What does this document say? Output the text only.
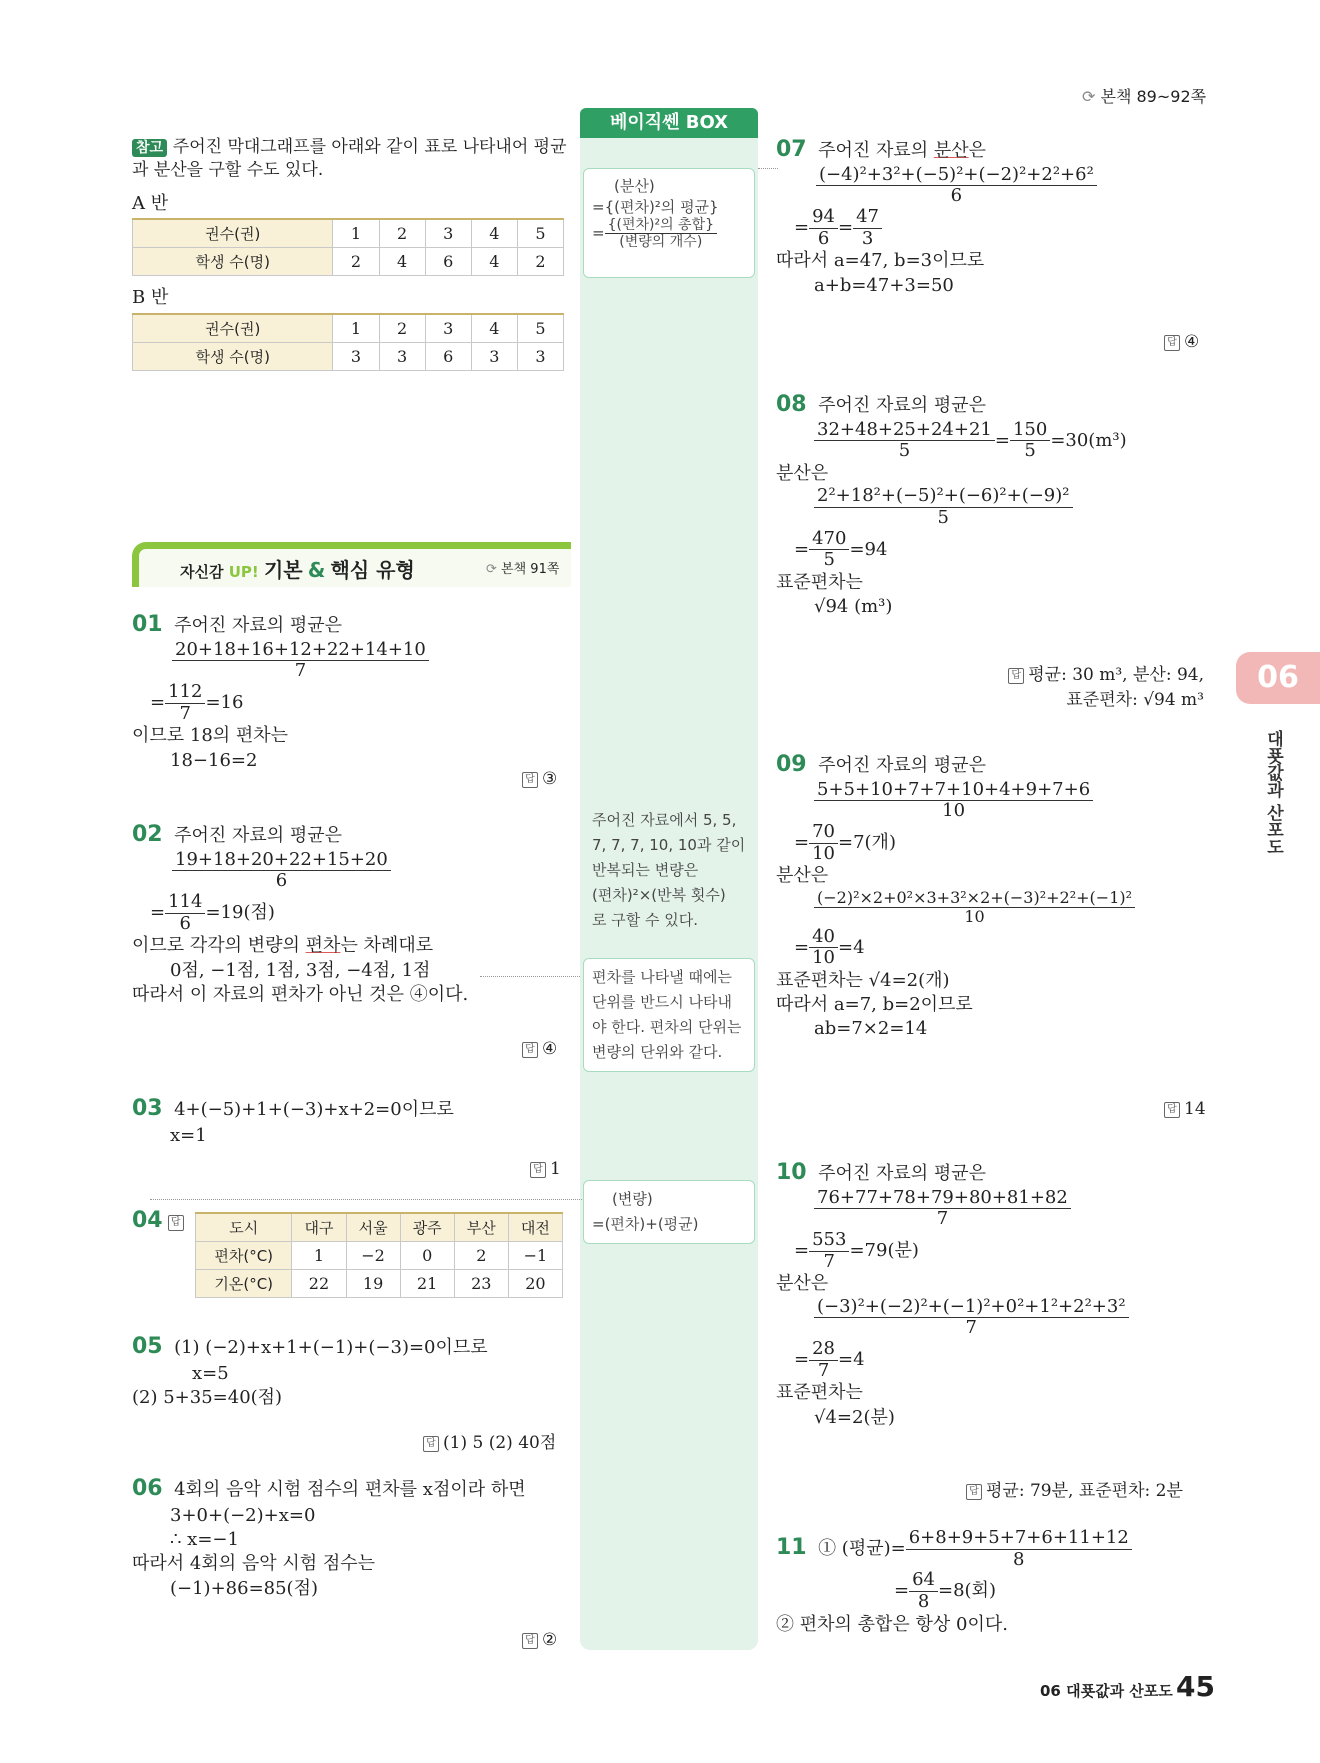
⟳ 본책 89~92쪽
베이직쎈 BOX
(분산)
={(편차)²의 평균}
= $\frac{\text{\{(편차)²의 총합\}}}{\text{(변량의 개수)}}$
주어진 자료에서 5, 5,
7, 7, 7, 10, 10과 같이
반복되는 변량은
(편차)²×(반복 횟수)
로 구할 수 있다.
편차를 나타낼 때에는
단위를 반드시 나타내
야 한다. 편차의 단위는
변량의 단위와 같다.
(변량)
=(편차)+(평균)
참고 주어진 막대그래프를 아래와 같이 표로 나타내어 평균
과 분산을 구할 수도 있다.
A 반
권수(권)	1	2	3	4	5
학생 수(명)	2	4	6	4	2
B 반
권수(권)	1	2	3	4	5
학생 수(명)	3	3	6	3	3
자신감 UP! 기본 & 핵심 유형	⟳ 본책 91쪽
01 주어진 자료의 평균은
$\frac{20+18+16+12+22+14+10}{7}$
= $\frac{112}{7} =16$
이므로 18의 편차는
18−16=2
답 ③
02 주어진 자료의 평균은
$\frac{19+18+20+22+15+20}{6}$
= $\frac{114}{6} =19$(점)
이므로 각각의 변량의 편차는 차례대로
0점, −1점, 1점, 3점, −4점, 1점
따라서 이 자료의 편차가 아닌 것은 ④이다.
답 ④
03 4+(−5)+1+(−3)+x+2=0이므로
x=1
답 1
04 답	도시	대구	서울	광주	부산	대전
편차(°C)	1	−2	0	2	−1
기온(°C)	22	19	21	23	20
05 (1) (−2)+x+1+(−1)+(−3)=0이므로
x=5
(2) 5+35=40(점)
답 (1) 5 (2) 40점
06 4회의 음악 시험 점수의 편차를 x점이라 하면
3+0+(−2)+x=0
∴ x=−1
따라서 4회의 음악 시험 점수는
(−1)+86=85(점)
답 ②
07 주어진 자료의 분산은
$\frac{\text{(−4)²+3²+(−5)²+(−2)²+2²+6²}}{6}$
= $\frac{94}{6} = \frac{47}{3}$
따라서 a=47, b=3이므로
a+b=47+3=50
답 ④
08 주어진 자료의 평균은
$\frac{32+48+25+24+21}{5} = \frac{150}{5} =30(m^3)$
분산은
$\frac{\text{2²+18²+(−5)²+(−6)²+(−9)²}}{5}$
= $\frac{470}{5} =94$
표준편차는
√94 (m³)
답 평균: 30 m³, 분산: 94,
표준편차: √94 m³
09 주어진 자료의 평균은
$\frac{5+5+10+7+7+10+4+9+7+6}{10}$
= $\frac{70}{10} =7$(개)
분산은
$\frac{\text{(−2)²×2+0²×3+3²×2+(−3)²+2²+(−1)²}}{10}$
= $\frac{40}{10} =4$
표준편차는 √4=2(개)
따라서 a=7, b=2이므로
ab=7×2=14
답 14
10 주어진 자료의 평균은
$\frac{76+77+78+79+80+81+82}{7}$
= $\frac{553}{7} =79$(분)
분산은
$\frac{\text{(−3)²+(−2)²+(−1)²+0²+1²+2²+3²}}{7}$
= $\frac{28}{7} =4$
표준편차는
√4=2(분)
답 평균: 79분, 표준편차: 2분
11 ① (평균)= $\frac{6+8+9+5+7+6+11+12}{8}$
= $\frac{64}{8} =8$(회)
② 편차의 총합은 항상 0이다.
06
대푯값과 산포도
06 대푯값과 산포도 45
